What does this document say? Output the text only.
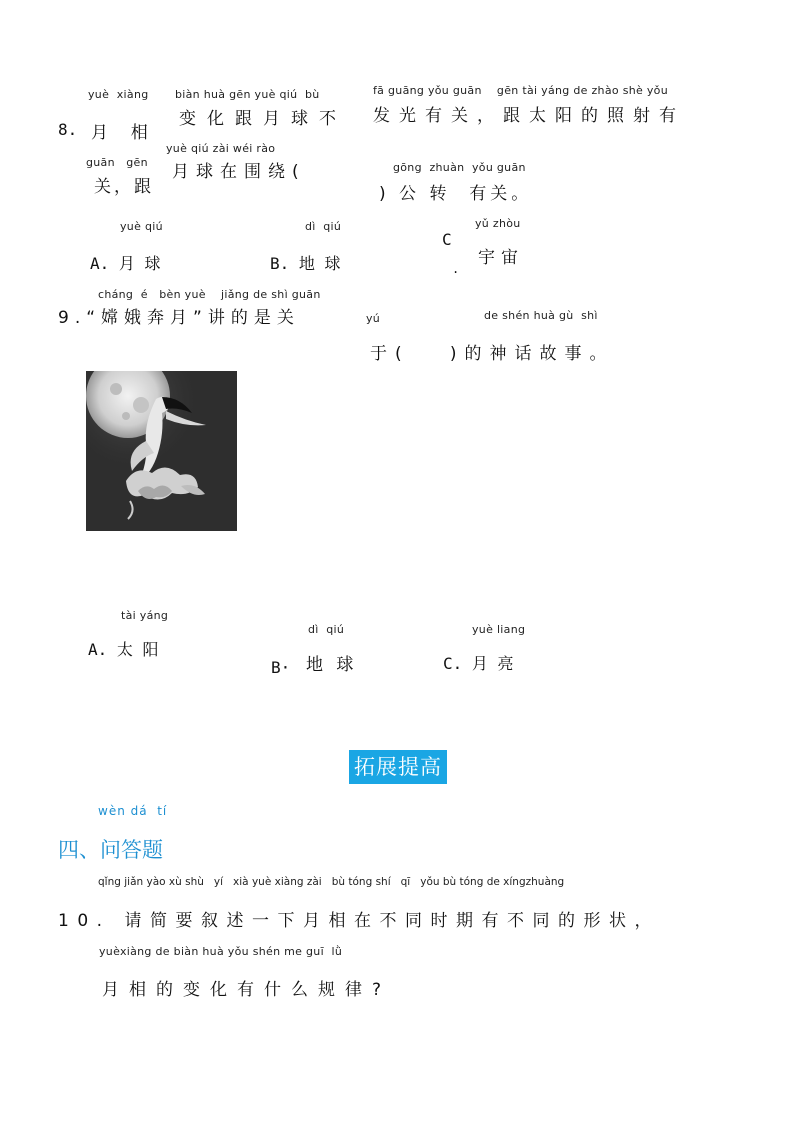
yuè  xiàng biàn huà gēn yuè qiú  bù	fā guāng yǒu guān    gēn tài yáng de zhào shè yǒu
8. 月  相
变化跟月球不 发光有关，跟太阳的照射有
guān   gēn
yuè qiú zài wéi rào
关，跟
月球在围绕(	gōng  zhuàn  yǒu guān
) 公 转  有关。
yuè qiú
A. 月 球
dì  qiú
B. 地 球
C
.
yǔ zhòu
宇宙
cháng  é   bèn yuè    jiǎng de shì guān
9.“嫦娥奔月”讲的是关	yú	de shén huà gù  shì
于(   )的神话故事。
tài yáng
A. 太 阳
dì  qiú
B· 地 球
yuè liang
C. 月 亮
拓展提高
wèn dá  tí
四、问答题
qǐng jiǎn yào xù shù   yí   xià yuè xiàng zài   bù tóng shí   qī   yǒu bù tóng de xíngzhuàng
10. 请简要叙述一下月相在不同时期有不同的形状，
yuèxiàng de biàn huà yǒu shén me guī  lǜ
月相的变化有什么规律?
